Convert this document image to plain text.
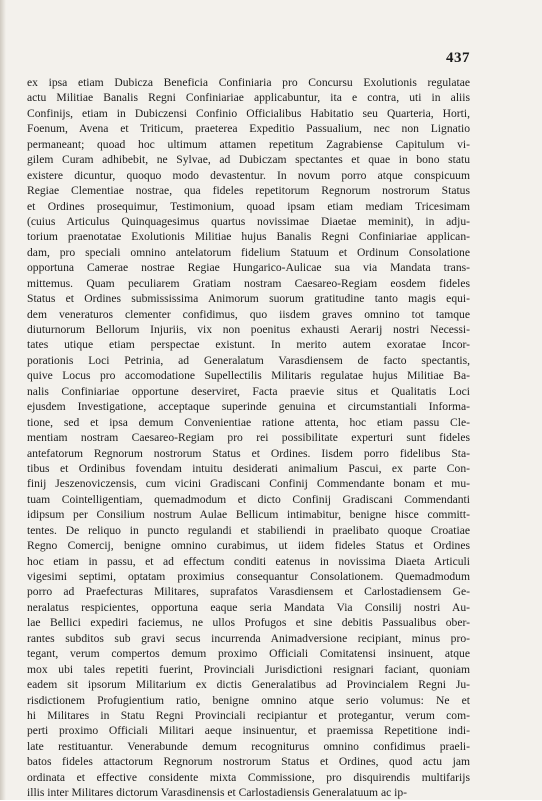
437
ex ipsa etiam Dubicza Beneficia Confiniaria pro Concursu Exolutionis regulatae
actu Militiae Banalis Regni Confiniariae applicabuntur, ita e contra, uti in aliis
Confinijs, etiam in Dubiczensi Confinio Officialibus Habitatio seu Quarteria, Horti,
Foenum, Avena et Triticum, praeterea Expeditio Passualium, nec non Lignatio
permaneant; quoad hoc ultimum attamen repetitum Zagrabiense Capitulum vi-
gilem Curam adhibebit, ne Sylvae, ad Dubiczam spectantes et quae in bono statu
existere dicuntur, quoquo modo devastentur. In novum porro atque conspicuum
Regiae Clementiae nostrae, qua fideles repetitorum Regnorum nostrorum Status
et Ordines prosequimur, Testimonium, quoad ipsam etiam mediam Tricesimam
(cuius Articulus Quinquagesimus quartus novissimae Diaetae meminit), in adju-
torium praenotatae Exolutionis Militiae hujus Banalis Regni Confiniariae applican-
dam, pro speciali omnino antelatorum fidelium Statuum et Ordinum Consolatione
opportuna Camerae nostrae Regiae Hungarico-Aulicae sua via Mandata trans-
mittemus. Quam peculiarem Gratiam nostram Caesareo-Regiam eosdem fideles
Status et Ordines submississima Animorum suorum gratitudine tanto magis equi-
dem veneraturos clementer confidimus, quo iisdem graves omnino tot tamque
diuturnorum Bellorum Injuriis, vix non poenitus exhausti Aerarij nostri Necessi-
tates utique etiam perspectae existunt. In merito autem exoratae Incor-
porationis Loci Petrinia, ad Generalatum Varasdiensem de facto spectantis,
quive Locus pro accomodatione Supellectilis Militaris regulatae hujus Militiae Ba-
nalis Confiniariae opportune deserviret, Facta praevie situs et Qualitatis Loci
ejusdem Investigatione, acceptaque superinde genuina et circumstantiali Informa-
tione, sed et ipsa demum Convenientiae ratione attenta, hoc etiam passu Cle-
mentiam nostram Caesareo-Regiam pro rei possibilitate experturi sunt fideles
antefatorum Regnorum nostrorum Status et Ordines. Iisdem porro fidelibus Sta-
tibus et Ordinibus fovendam intuitu desiderati animalium Pascui, ex parte Con-
finij Jeszenoviczensis, cum vicini Gradiscani Confinij Commendante bonam et mu-
tuam Cointelligentiam, quemadmodum et dicto Confinij Gradiscani Commendanti
idipsum per Consilium nostrum Aulae Bellicum intimabitur, benigne hisce committ-
tentes. De reliquo in puncto regulandi et stabiliendi in praelibato quoque Croatiae
Regno Comercij, benigne omnino curabimus, ut iidem fideles Status et Ordines
hoc etiam in passu, et ad effectum conditi eatenus in novissima Diaeta Articuli
vigesimi septimi, optatam proximius consequantur Consolationem. Quemadmodum
porro ad Praefecturas Militares, suprafatos Varasdiensem et Carlostadiensem Ge-
neralatus respicientes, opportuna eaque seria Mandata Via Consilij nostri Au-
lae Bellici expediri faciemus, ne ullos Profugos et sine debitis Passualibus ober-
rantes subditos sub gravi secus incurrenda Animadversione recipiant, minus pro-
tegant, verum compertos demum proximo Officiali Comitatensi insinuent, atque
mox ubi tales repetiti fuerint, Provinciali Jurisdictioni resignari faciant, quoniam
eadem sit ipsorum Militarium ex dictis Generalatibus ad Provincialem Regni Ju-
risdictionem Profugientium ratio, benigne omnino atque serio volumus: Ne et
hi Militares in Statu Regni Provinciali recipiantur et protegantur, verum com-
perti proximo Officiali Militari aeque insinuentur, et praemissa Repetitione indi-
late restituantur. Venerabunde demum recogniturus omnino confidimus praeli-
batos fideles attactorum Regnorum nostrorum Status et Ordines, quod actu jam
ordinata et effective considente mixta Commissione, pro disquirendis multifarijs
illis inter Militares dictorum Varasdinensis et Carlostadiensis Generalatuum ac ip-
